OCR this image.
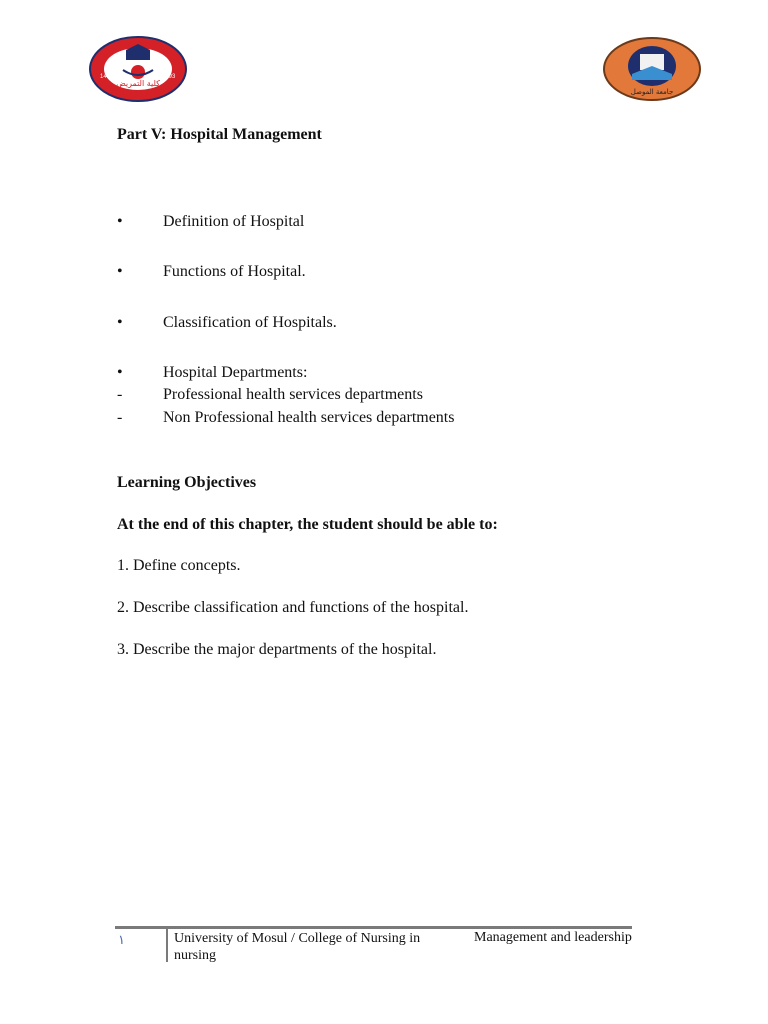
1413	1993
كلية التمريض
جامعة الموصل
Part V: Hospital Management
•	Definition of Hospital
•	Functions of Hospital.
•	Classification of Hospitals.
•	Hospital Departments:
-	Professional health services departments
-	Non Professional health services departments
Learning Objectives
At the end of this chapter, the student should be able to:
1. Define concepts.
2. Describe classification and functions of the hospital.
3. Describe the major departments of the hospital.
١	University of Mosul / College of Nursing in nursing
Management and leadership
